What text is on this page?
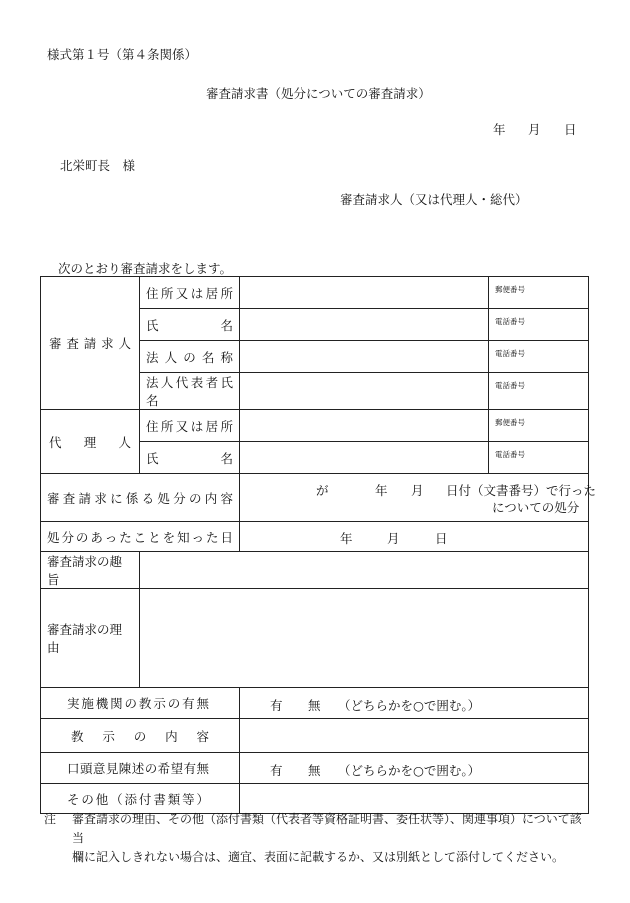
様式第１号（第４条関係）
審査請求書（処分についての審査請求）
年 月 日
北栄町長　様
審査請求人（又は代理人・総代）
次のとおり審査請求をします。
審査請求人	住所又は居所		郵便番号

	氏名		電話番号

	法人の名称		電話番号

	法人代表者氏名		電話番号

代理人	住所又は居所		郵便番号

	氏名		電話番号

審査請求に係る処分の内容		が 年 月 日付（文書番号）で行った
についての処分	

処分のあったことを知った日		年 月 日	

審査請求の趣旨			
審査請求の理由			

実施機関の教示の有無		有 無 （どちらかを○で囲む。）	

教示の内容			

口頭意見陳述の希望有無		有 無 （どちらかを○で囲む。）	

その他（添付書類等）			

注	審査請求の理由、その他（添付書類（代表者等資格証明書、委任状等）、関連事項）について該当
欄に記入しきれない場合は、適宜、表面に記載するか、又は別紙として添付してください。
